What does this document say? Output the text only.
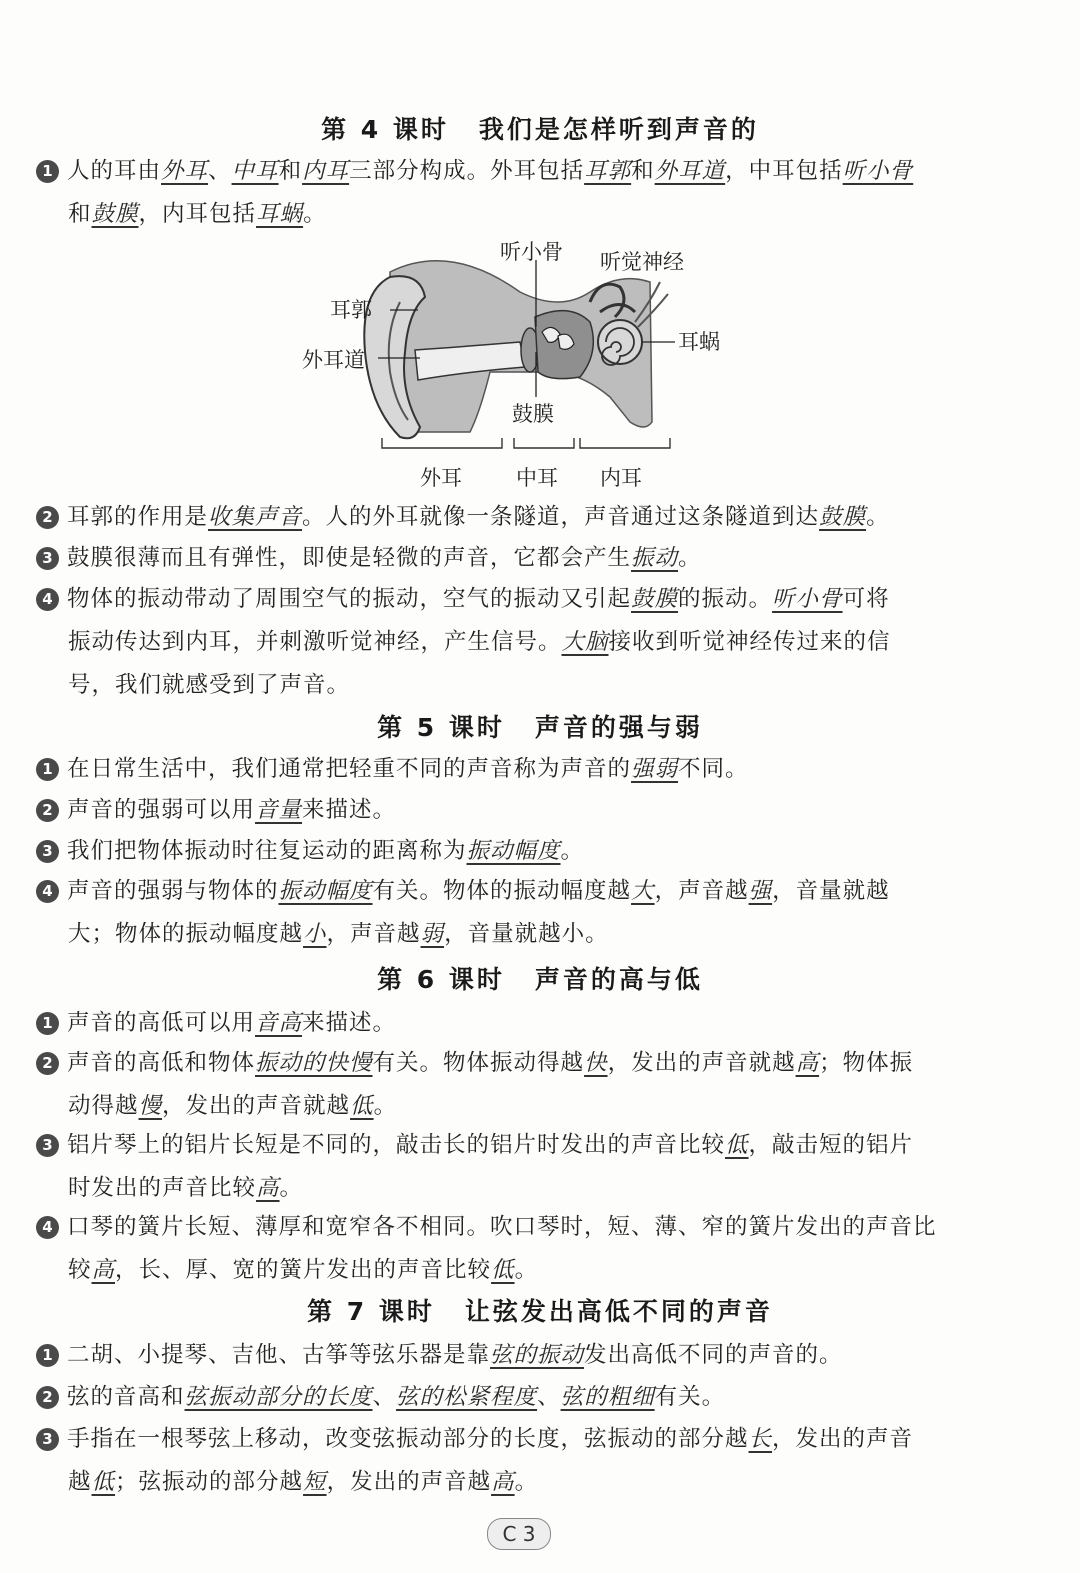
第 4 课时 我们是怎样听到声音的
1 人的耳由外耳、中耳和内耳三部分构成。外耳包括耳郭和外耳道，中耳包括听小骨
和鼓膜，内耳包括耳蜗。
听小骨 听觉神经
耳郭
外耳道
耳蜗
鼓膜
外耳	中耳 内耳
2 耳郭的作用是收集声音。人的外耳就像一条隧道，声音通过这条隧道到达鼓膜。
3 鼓膜很薄而且有弹性，即使是轻微的声音，它都会产生振动。
4 物体的振动带动了周围空气的振动，空气的振动又引起鼓膜的振动。听小骨可将
振动传达到内耳，并刺激听觉神经，产生信号。大脑接收到听觉神经传过来的信
号，我们就感受到了声音。
第 5 课时 声音的强与弱
1 在日常生活中，我们通常把轻重不同的声音称为声音的强弱不同。
2 声音的强弱可以用音量来描述。
3 我们把物体振动时往复运动的距离称为振动幅度。
4 声音的强弱与物体的振动幅度有关。物体的振动幅度越大，声音越强，音量就越
大；物体的振动幅度越小，声音越弱，音量就越小。
第 6 课时 声音的高与低
1 声音的高低可以用音高来描述。
2 声音的高低和物体振动的快慢有关。物体振动得越快，发出的声音就越高；物体振
动得越慢，发出的声音就越低。
3 铝片琴上的铝片长短是不同的，敲击长的铝片时发出的声音比较低，敲击短的铝片
时发出的声音比较高。
4 口琴的簧片长短、薄厚和宽窄各不相同。吹口琴时，短、薄、窄的簧片发出的声音比
较高，长、厚、宽的簧片发出的声音比较低。
第 7 课时 让弦发出高低不同的声音
1 二胡、小提琴、吉他、古筝等弦乐器是靠弦的振动发出高低不同的声音的。
2 弦的音高和弦振动部分的长度、弦的松紧程度、弦的粗细有关。
3 手指在一根琴弦上移动，改变弦振动部分的长度，弦振动的部分越长，发出的声音
越低；弦振动的部分越短，发出的声音越高。
C 3
